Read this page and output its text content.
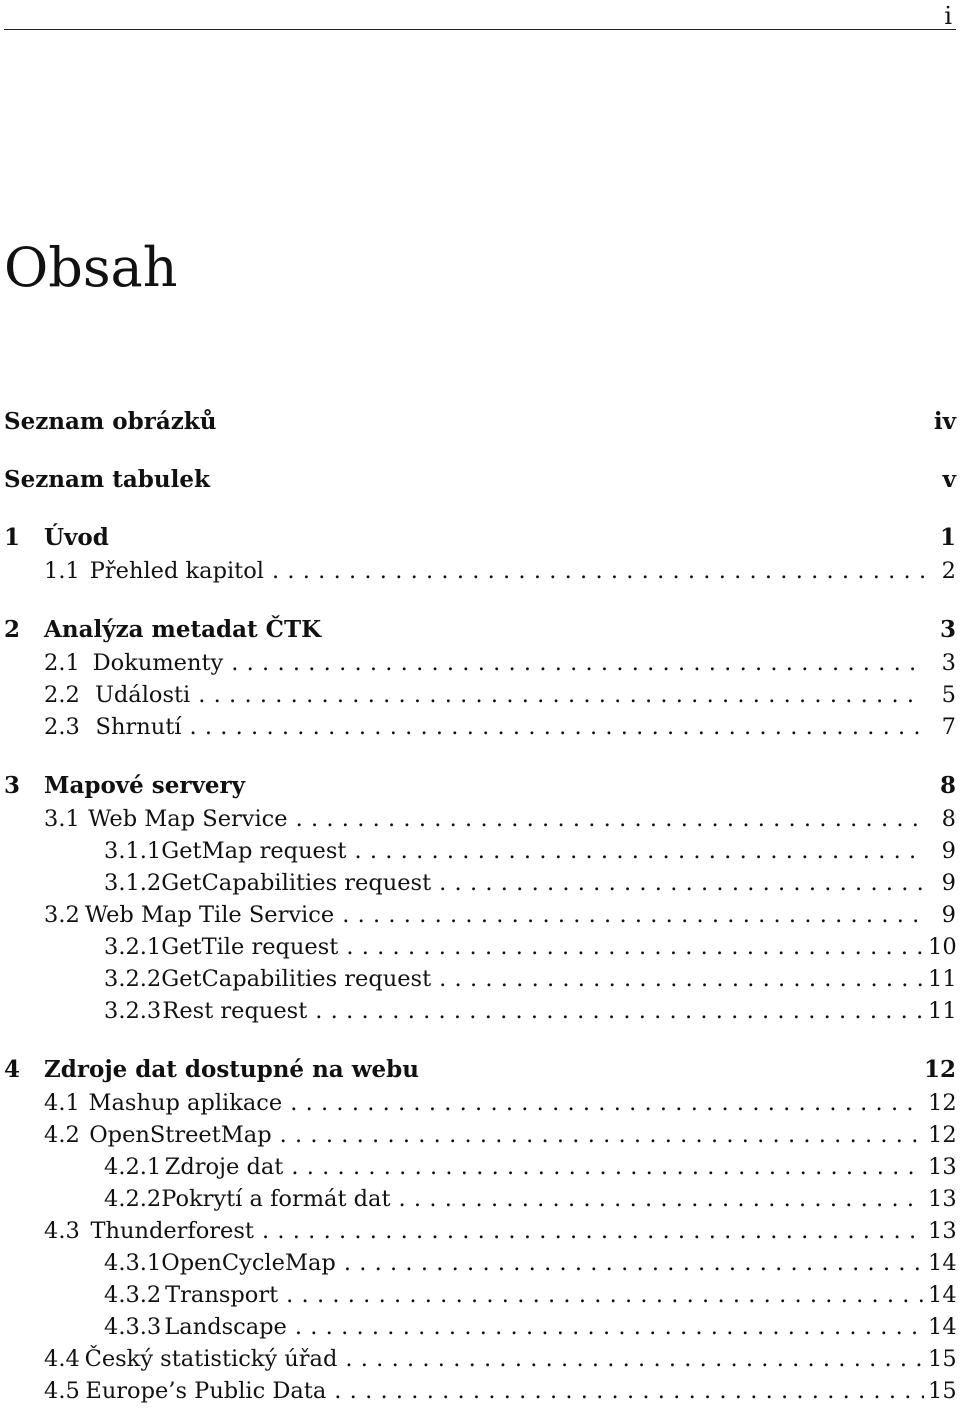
i
Obsah
Seznam obrázků	iv
Seznam tabulek	v
1	Úvod	1
1.1 Přehled kapitol . . .	2
2	Analýza metadat ČTK	3
2.1 Dokumenty . . .	3
2.2 Události . . .	5
2.3 Shrnutí . . .	7
3	Mapové servery	8
3.1 Web Map Service . . .	8
3.1.1 GetMap request . . .	9
3.1.2 GetCapabilities request . . .	9
3.2 Web Map Tile Service . . .	9
3.2.1 GetTile request . . .	10
3.2.2 GetCapabilities request . . .	11
3.2.3 Rest request . . .	11
4	Zdroje dat dostupné na webu	12
4.1 Mashup aplikace . . .	12
4.2 OpenStreetMap . . .	12
4.2.1 Zdroje dat . . .	13
4.2.2 Pokrytí a formát dat . . .	13
4.3 Thunderforest . . .	13
4.3.1 OpenCycleMap . . .	14
4.3.2 Transport . . .	14
4.3.3 Landscape . . .	14
4.4 Český statistický úřad . . .	15
4.5 Europe’s Public Data . . .	15
